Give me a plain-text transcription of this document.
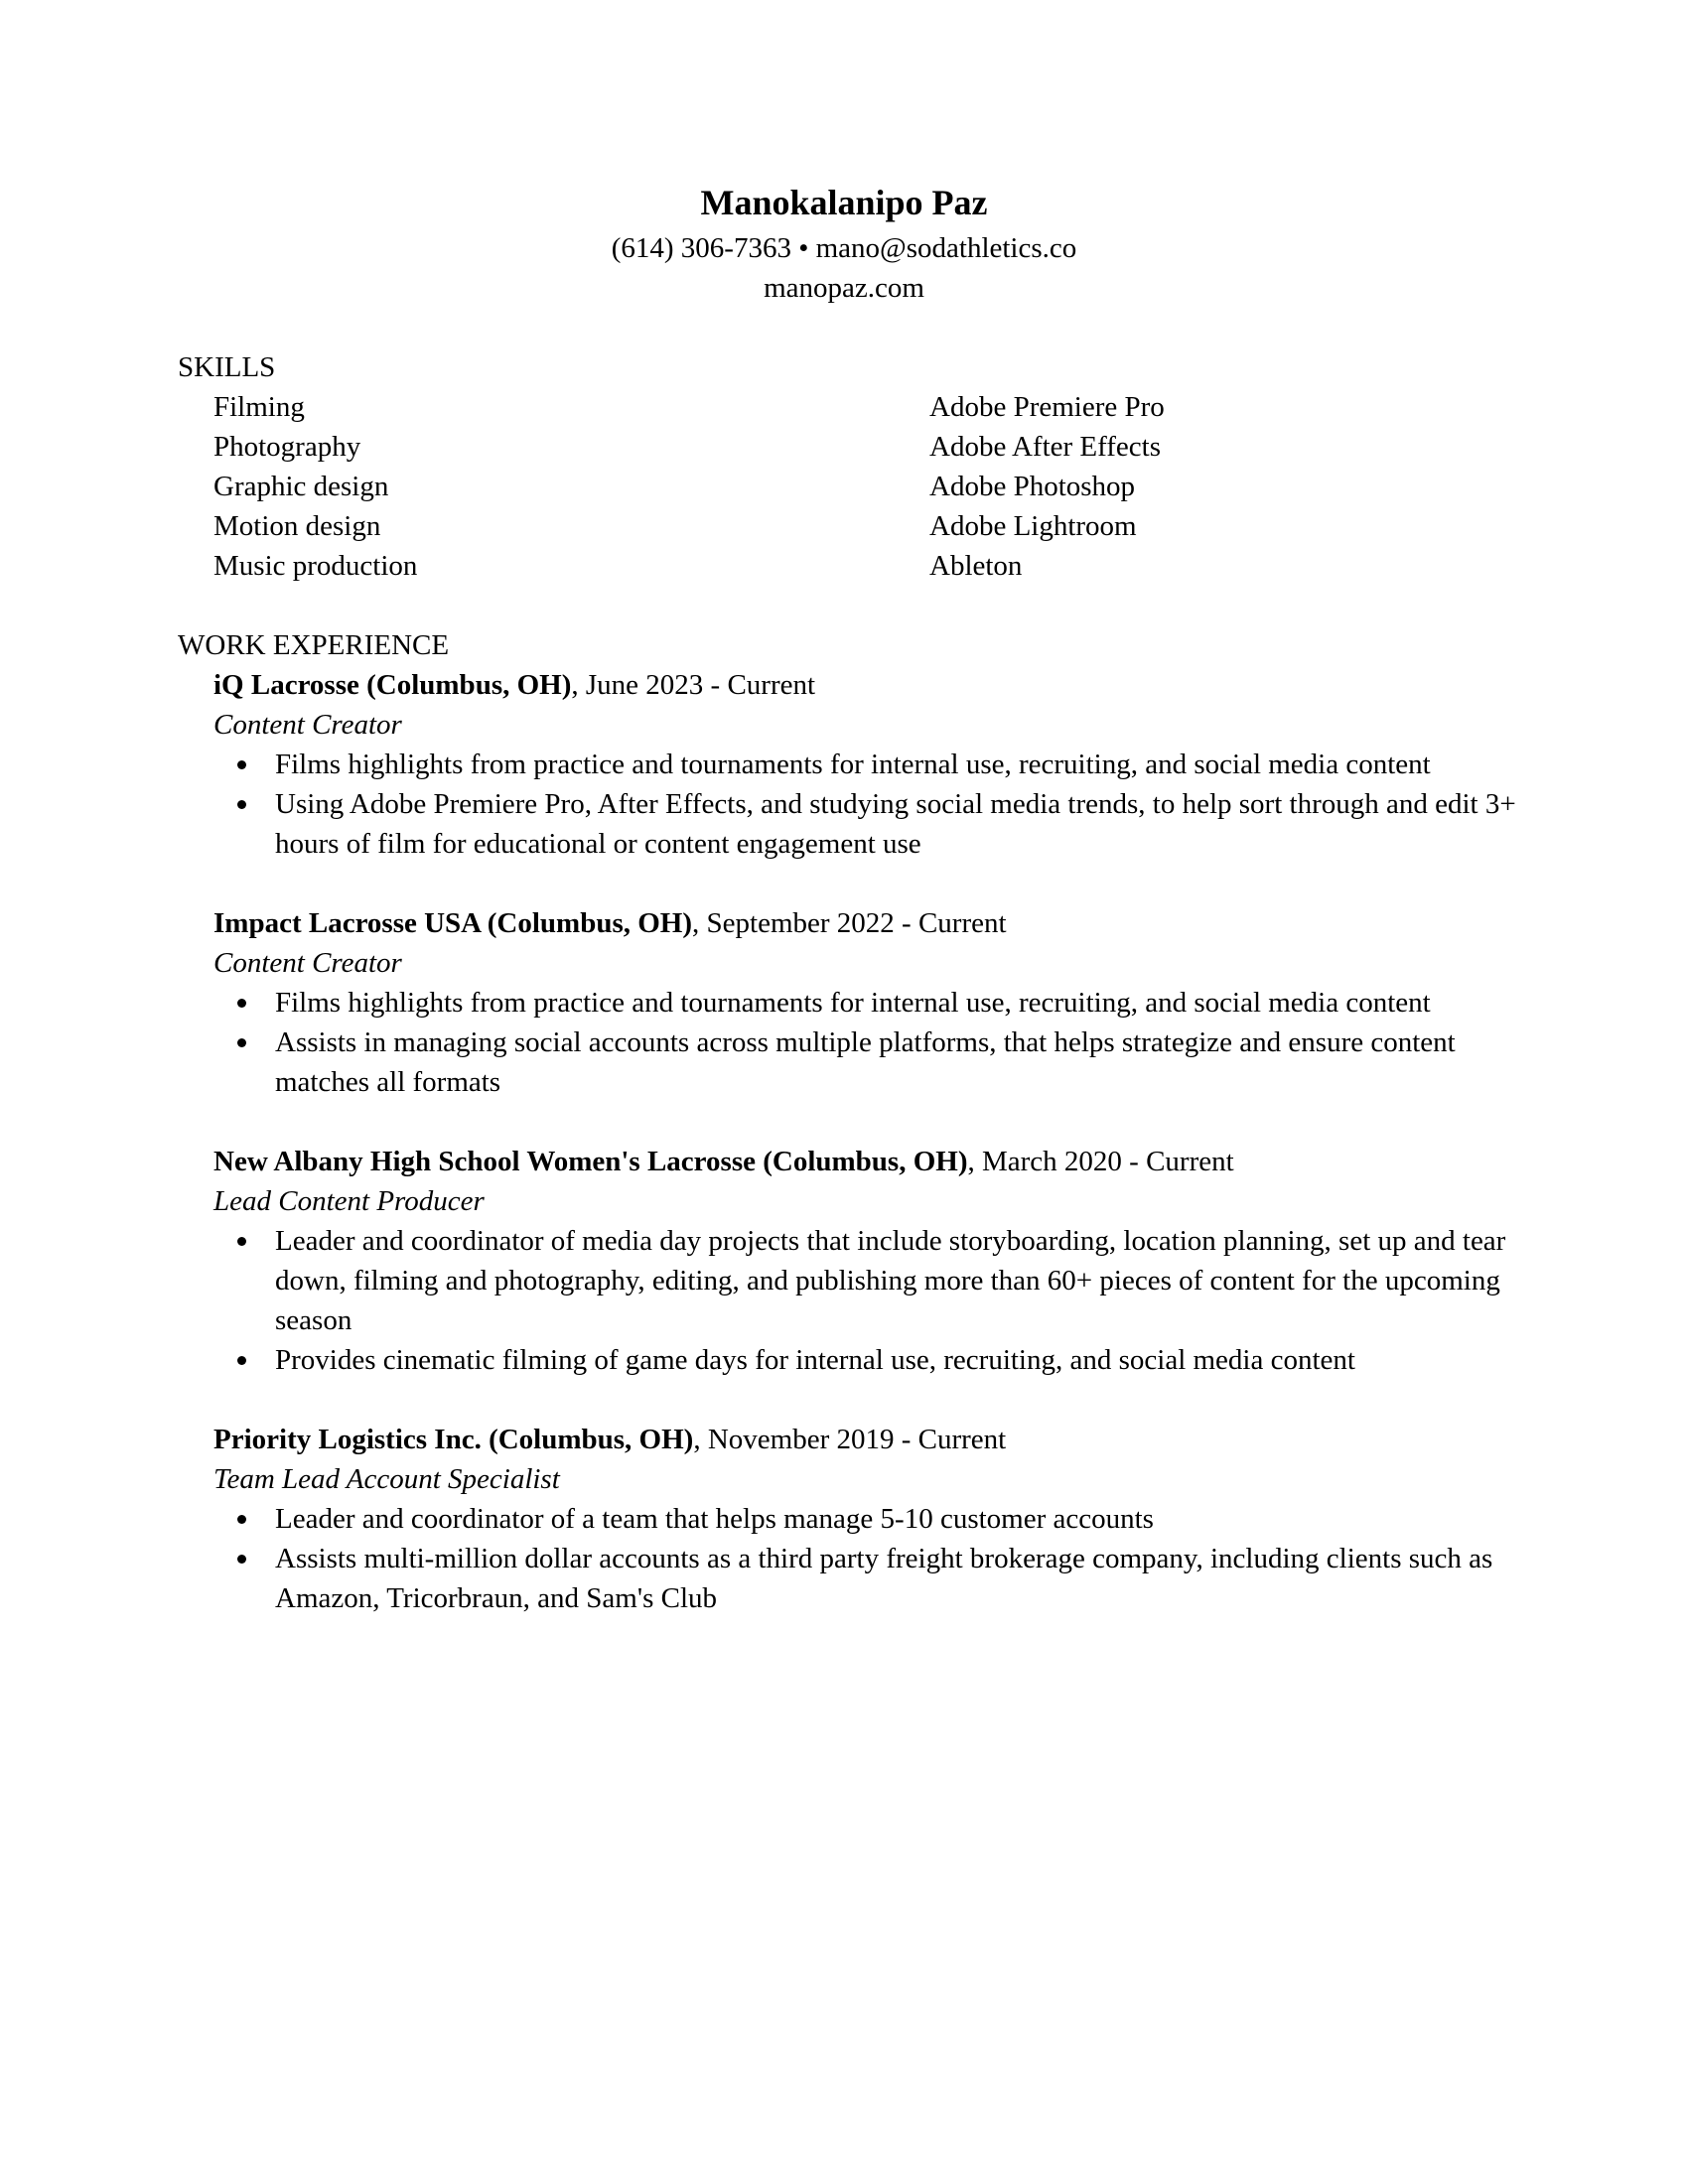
Manokalanipo Paz
(614) 306-7363 • mano@sodathletics.co
manopaz.com
SKILLS
Filming
Photography
Graphic design
Motion design
Music production
Adobe Premiere Pro
Adobe After Effects
Adobe Photoshop
Adobe Lightroom
Ableton
WORK EXPERIENCE
iQ Lacrosse (Columbus, OH), June 2023 - Current
Content Creator
Films highlights from practice and tournaments for internal use, recruiting, and social media content
Using Adobe Premiere Pro, After Effects, and studying social media trends, to help sort through and edit 3+ hours of film for educational or content engagement use
Impact Lacrosse USA (Columbus, OH), September 2022 - Current
Content Creator
Films highlights from practice and tournaments for internal use, recruiting, and social media content
Assists in managing social accounts across multiple platforms, that helps strategize and ensure content matches all formats
New Albany High School Women's Lacrosse (Columbus, OH), March 2020 - Current
Lead Content Producer
Leader and coordinator of media day projects that include storyboarding, location planning, set up and tear down, filming and photography, editing, and publishing more than 60+ pieces of content for the upcoming season
Provides cinematic filming of game days for internal use, recruiting, and social media content
Priority Logistics Inc. (Columbus, OH), November 2019 - Current
Team Lead Account Specialist
Leader and coordinator of a team that helps manage 5-10 customer accounts
Assists multi-million dollar accounts as a third party freight brokerage company, including clients such as Amazon, Tricorbraun, and Sam's Club
